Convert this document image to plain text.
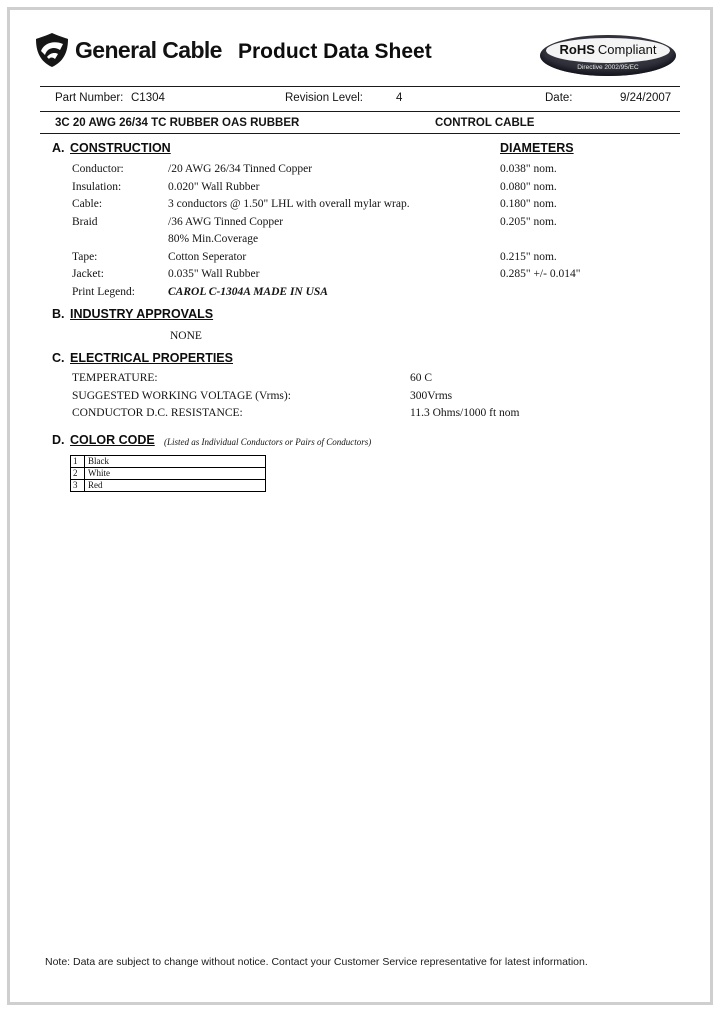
General Cable Product Data Sheet	RoHS Compliant
Directive 2002/95/EC
Part Number: C1304	Revision Level:	4	Date:	9/24/2007
3C 20 AWG 26/34 TC RUBBER OAS RUBBER	CONTROL CABLE
A. CONSTRUCTION	DIAMETERS
Conductor:	/20 AWG 26/34 Tinned Copper	0.038" nom.
Insulation:	0.020" Wall Rubber	0.080" nom.
Cable:	3 conductors @ 1.50" LHL with overall mylar wrap.	0.180" nom.
Braid	/36 AWG Tinned Copper	0.205" nom.
80% Min.Coverage
Tape:	Cotton Seperator	0.215" nom.
Jacket:	0.035" Wall Rubber	0.285" +/- 0.014"
Print Legend:	CAROL C-1304A MADE IN USA
B. INDUSTRY APPROVALS
NONE
C. ELECTRICAL PROPERTIES
TEMPERATURE:	60 C
SUGGESTED WORKING VOLTAGE (Vrms):	300Vrms
CONDUCTOR D.C. RESISTANCE:	11.3 Ohms/1000 ft nom
D. COLOR CODE (Listed as Individual Conductors or Pairs of Conductors)
1	Black
2	White
3	Red
Note: Data are subject to change without notice. Contact your Customer Service representative for latest information.
